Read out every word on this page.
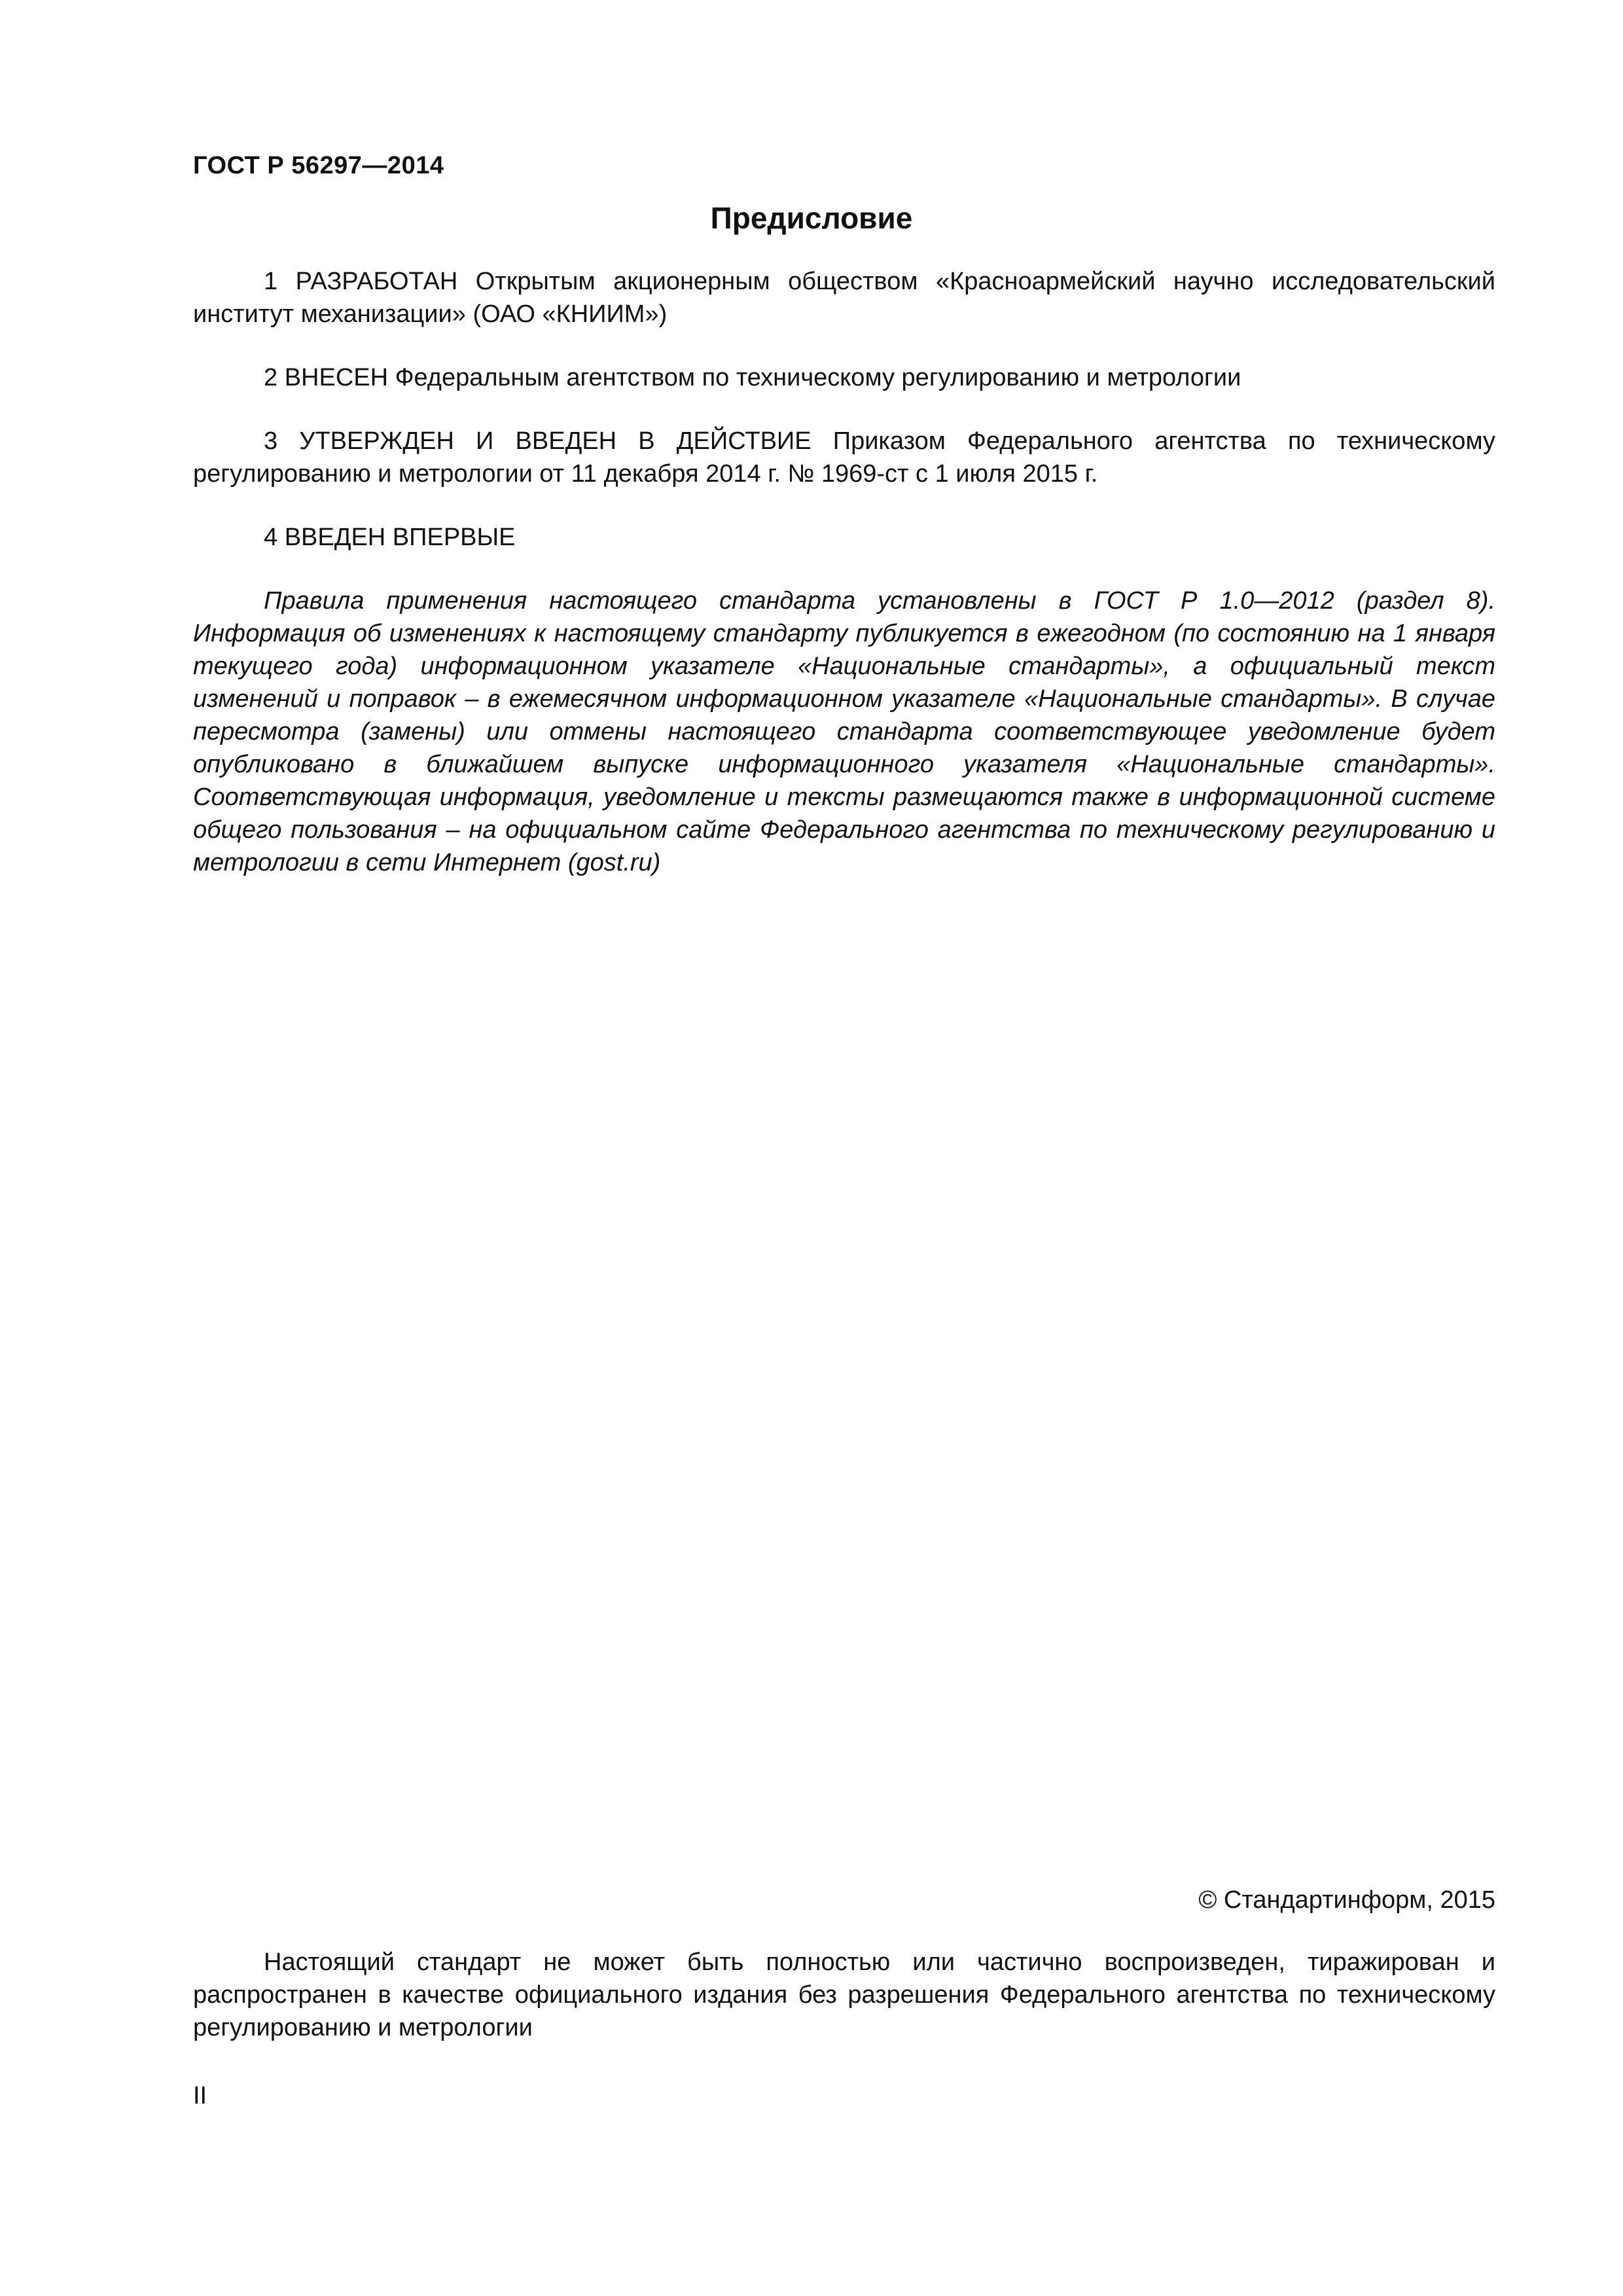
ГОСТ Р 56297—2014
Предисловие

1 РАЗРАБОТАН Открытым акционерным обществом «Красноармейский научно исследовательский институт механизации» (ОАО «КНИИМ»)

2 ВНЕСЕН Федеральным агентством по техническому регулированию и метрологии

3 УТВЕРЖДЕН И ВВЕДЕН В ДЕЙСТВИЕ Приказом Федерального агентства по техническому регулированию и метрологии от 11 декабря 2014 г. № 1969-ст с 1 июля 2015 г.

4 ВВЕДЕН ВПЕРВЫЕ

Правила применения настоящего стандарта установлены в ГОСТ Р 1.0—2012 (раздел 8). Информация об изменениях к настоящему стандарту публикуется в ежегодном (по состоянию на 1 января текущего года) информационном указателе «Национальные стандарты», а официальный текст изменений и поправок – в ежемесячном информационном указателе «Национальные стандарты». В случае пересмотра (замены) или отмены настоящего стандарта соответствующее уведомление будет опубликовано в ближайшем выпуске информационного указателя «Национальные стандарты». Соответствующая информация, уведомление и тексты размещаются также в информационной системе общего пользования – на официальном сайте Федерального агентства по техническому регулированию и метрологии в сети Интернет (gost.ru)

© Стандартинформ, 2015
Настоящий стандарт не может быть полностью или частично воспроизведен, тиражирован и распространен в качестве официального издания без разрешения Федерального агентства по техническому регулированию и метрологии
II
